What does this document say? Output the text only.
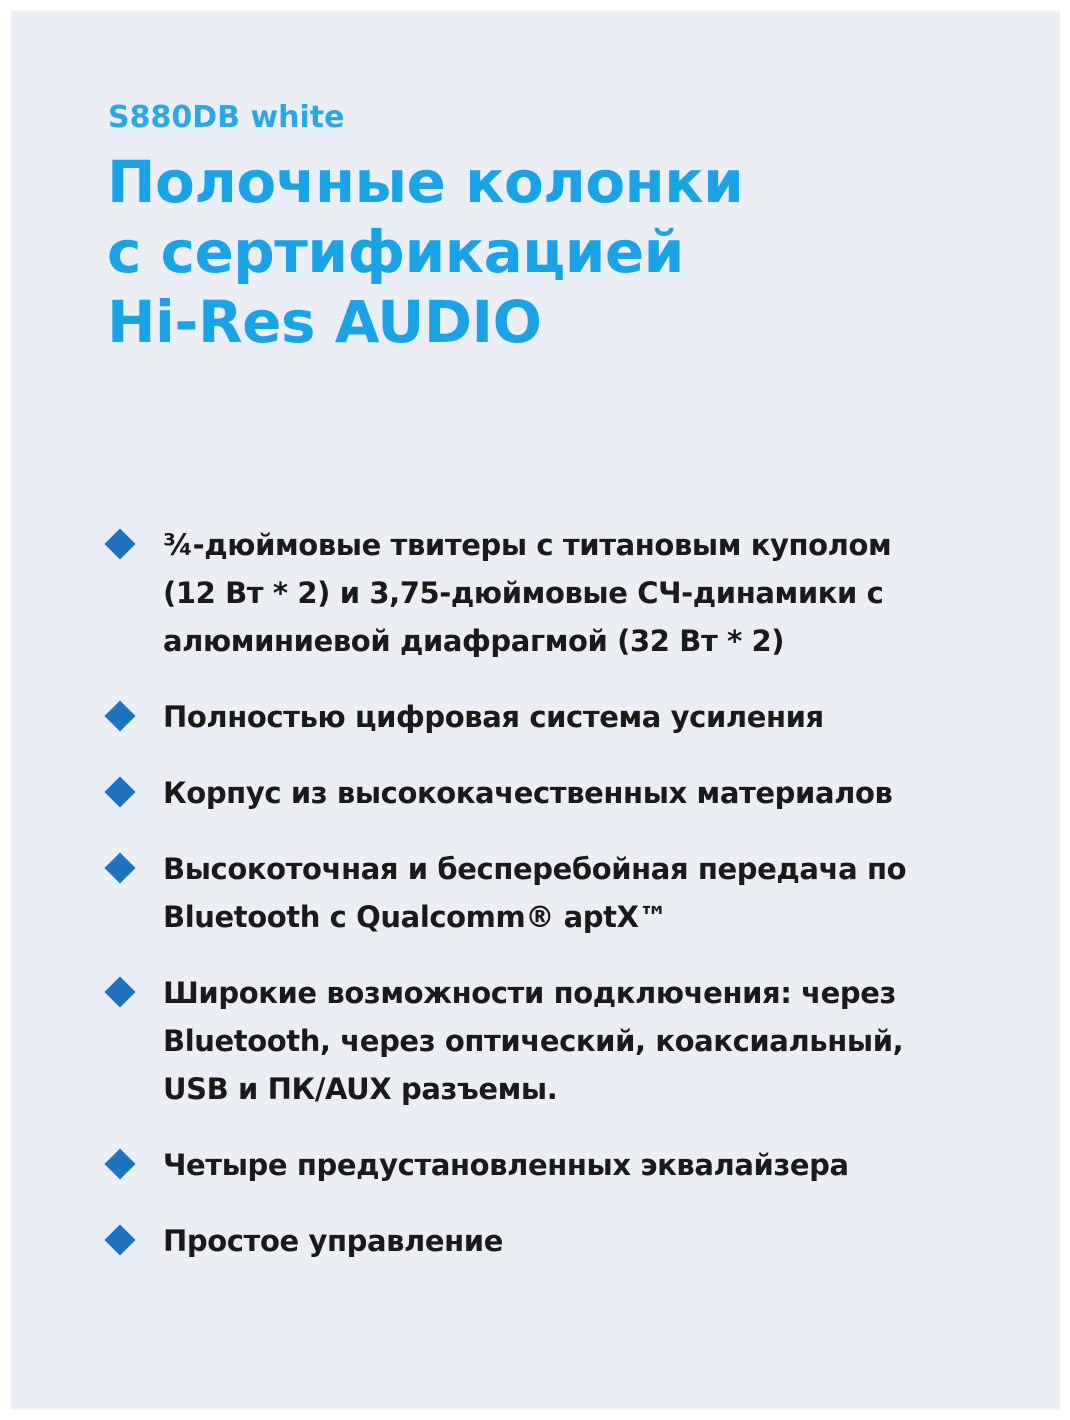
S880DB white

Полочные колонки
с сертификацией
Hi-Res AUDIO
¾-дюймовые твитеры с титановым куполом
(12 Вт * 2) и 3,75-дюймовые СЧ-динамики с
алюминиевой диафрагмой (32 Вт * 2)
Полностью цифровая система усиления
Корпус из высококачественных материалов
Высокоточная и бесперебойная передача по
Bluetooth с Qualcomm® aptX™
Широкие возможности подключения: через
Bluetooth, через оптический, коаксиальный,
USB и ПК/AUX разъемы.
Четыре предустановленных эквалайзера
Простое управление
